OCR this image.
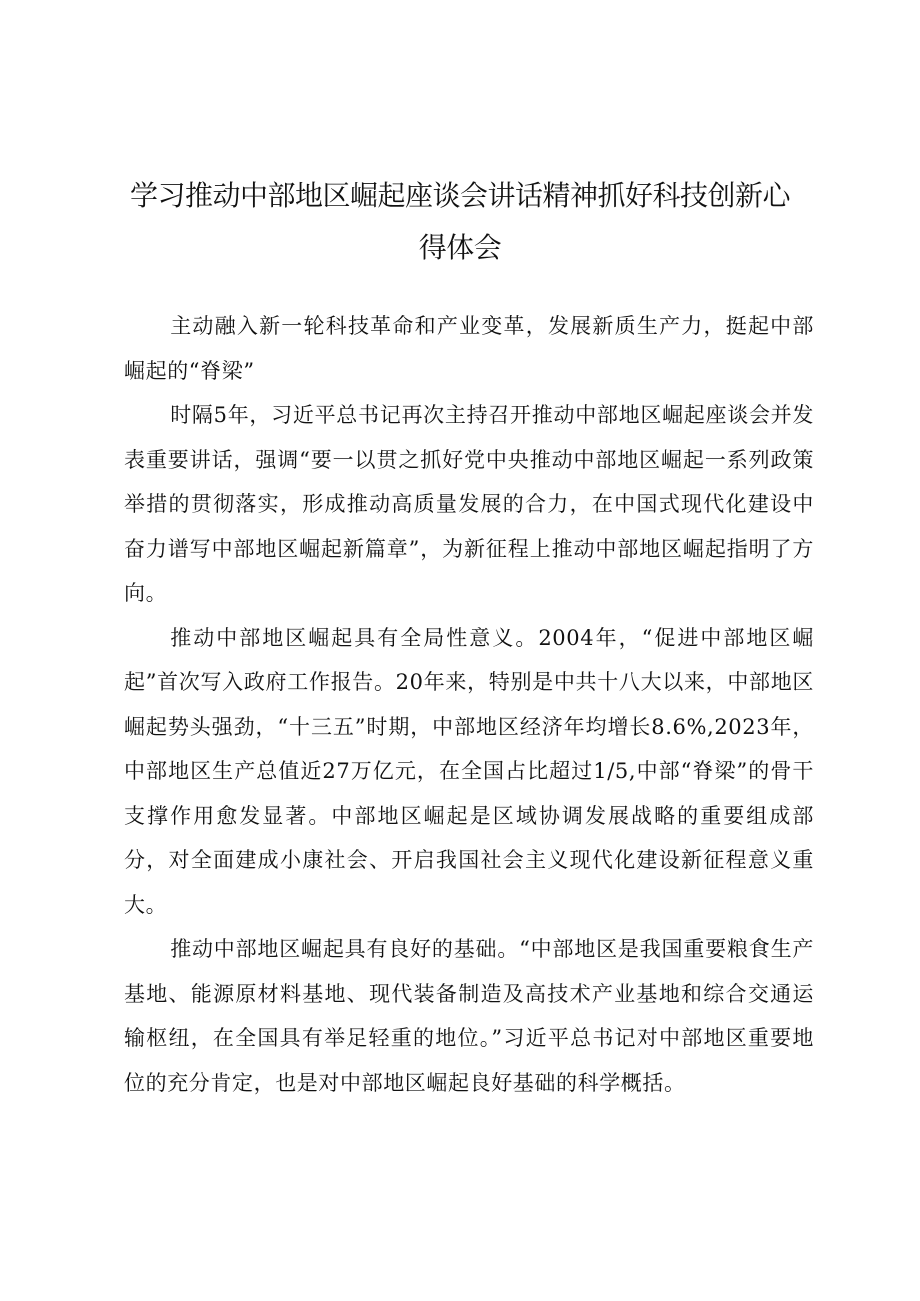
学习推动中部地区崛起座谈会讲话精神抓好科技创新心得体会

主动融入新一轮科技革命和产业变革，发展新质生产力，挺起中部崛起的“脊梁”

时隔5年，习近平总书记再次主持召开推动中部地区崛起座谈会并发表重要讲话，强调“要一以贯之抓好党中央推动中部地区崛起一系列政策举措的贯彻落实，形成推动高质量发展的合力，在中国式现代化建设中奋力谱写中部地区崛起新篇章”，为新征程上推动中部地区崛起指明了方向。

推动中部地区崛起具有全局性意义。2004年，“促进中部地区崛起”首次写入政府工作报告。20年来，特别是中共十八大以来，中部地区崛起势头强劲，“十三五”时期，中部地区经济年均增长8.6%,2023年，中部地区生产总值近27万亿元，在全国占比超过1/5,中部“脊梁”的骨干支撑作用愈发显著。中部地区崛起是区域协调发展战略的重要组成部分，对全面建成小康社会、开启我国社会主义现代化建设新征程意义重大。

推动中部地区崛起具有良好的基础。“中部地区是我国重要粮食生产基地、能源原材料基地、现代装备制造及高技术产业基地和综合交通运输枢纽，在全国具有举足轻重的地位。”习近平总书记对中部地区重要地位的充分肯定，也是对中部地区崛起良好基础的科学概括。
